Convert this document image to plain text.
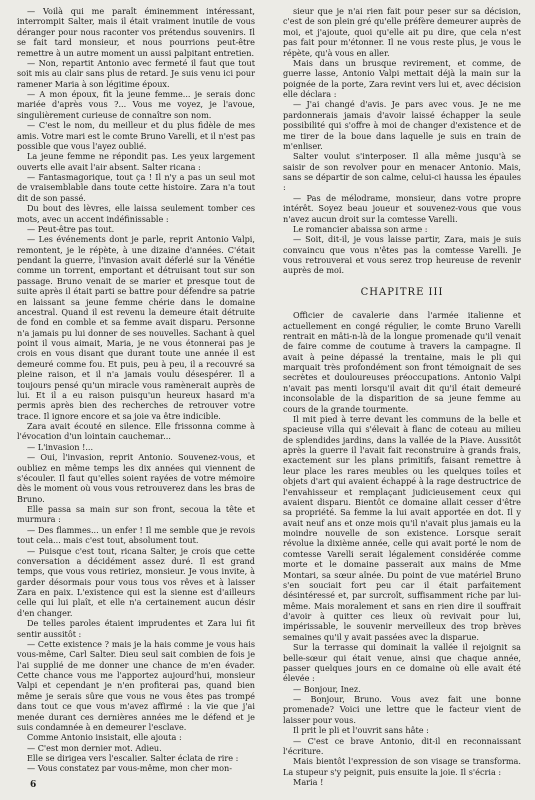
— Voilà qui me paraît éminemment intéressant, interrompit Salter, mais il était vraiment inutile de vous déranger pour nous raconter vos prétendus souvenirs. Il se fait tard monsieur, et nous pourrions peut-être remettre à un autre moment un aussi palpitant entretien.

— Non, repartit Antonio avec fermeté il faut que tout soit mis au clair sans plus de retard. Je suis venu ici pour ramener Maria à son légitime époux.

— A mon époux, fit la jeune femme... je serais donc mariée d'après vous ?... Vous me voyez, je l'avoue, singulièrement curieuse de connaître son nom.

— C'est le nom, du meilleur et du plus fidèle de mes amis. Votre mari est le comte Bruno Varelli, et il n'est pas possible que vous l'ayez oublié.

La jeune femme ne répondit pas. Les yeux largement ouverts elle avait l'air absent. Salter ricana :

— Fantasmagorique, tout ça ! Il n'y a pas un seul mot de vraisemblable dans toute cette histoire. Zara n'a tout dit de son passé.

Du bout des lèvres, elle laissa seulement tomber ces mots, avec un accent indéfinissable :

— Peut-être pas tout.

— Les événements dont je parle, reprit Antonio Valpi, remontent, je le répète, à une dizaine d'années. C'était pendant la guerre, l'invasion avait déferlé sur la Vénétie comme un torrent, emportant et détruisant tout sur son passage. Bruno venait de se marier et presque tout de suite après il était parti se battre pour défendre sa patrie en laissant sa jeune femme chérie dans le domaine ancestral. Quand il est revenu la demeure était détruite de fond en comble et sa femme avait disparu. Personne n'a jamais pu lui donner de ses nouvelles. Sachant à quel point il vous aimait, Maria, je ne vous étonnerai pas je crois en vous disant que durant toute une année il est demeuré comme fou. Et puis, peu à peu, il a recouvré sa pleine raison, et il n'a jamais voulu désespérer. Il a toujours pensé qu'un miracle vous ramènerait auprès de lui. Et il a eu raison puisqu'un heureux hasard m'a permis après bien des recherches de retrouver votre trace. Il ignore encore et sa joie va être indicible.

Zara avait écouté en silence. Elle frissonna comme à l'évocation d'un lointain cauchemar...

— L'invasion !...

— Oui, l'invasion, reprit Antonio. Souvenez-vous, et oubliez en même temps les dix années qui viennent de s'écouler. Il faut qu'elles soient rayées de votre mémoire dès le moment où vous vous retrouverez dans les bras de Bruno.

Elle passa sa main sur son front, secoua la tête et murmura :

— Des flammes... un enfer ! Il me semble que je revois tout cela... mais c'est tout, absolument tout.

— Puisque c'est tout, ricana Salter, je crois que cette conversation a décidément assez duré. Il est grand temps, que vous vous retiriez, monsieur. Je vous invite, à garder désormais pour vous tous vos rêves et à laisser Zara en paix. L'existence qui est la sienne est d'ailleurs celle qui lui plaît, et elle n'a certainement aucun désir d'en changer.

De telles paroles étaient imprudentes et Zara lui fit sentir aussitôt :

— Cette existence ? mais je la hais comme je vous hais vous-même, Carl Salter. Dieu seul sait combien de fois je l'ai supplié de me donner une chance de m'en évader. Cette chance vous me l'apportez aujourd'hui, monsieur Valpi et cependant je n'en profiterai pas, quand bien même je serais sûre que vous ne vous êtes pas trompé dans tout ce que vous m'avez affirmé : la vie que j'ai menée durant ces dernières années me le défend et je suis condamnée à en demeurer l'esclave.

Comme Antonio insistait, elle ajouta :

— C'est mon dernier mot. Adieu.

Elle se dirigea vers l'escalier. Salter éclata de rire :

— Vous constatez par vous-même, mon cher mon-

sieur que je n'ai rien fait pour peser sur sa décision, c'est de son plein gré qu'elle préfère demeurer auprès de moi, et j'ajoute, quoi qu'elle ait pu dire, que cela n'est pas fait pour m'étonner. Il ne vous reste plus, je vous le répète, qu'à vous en aller.

Mais dans un brusque revirement, et comme, de guerre lasse, Antonio Valpi mettait déjà la main sur la poignée de la porte, Zara revint vers lui et, avec décision elle déclara :

— J'ai changé d'avis. Je pars avec vous. Je ne me pardonnerais jamais d'avoir laissé échapper la seule possibilité qui s'offre à moi de changer d'existence et de me tirer de la boue dans laquelle je suis en train de m'enliser.

Salter voulut s'interposer. Il alla même jusqu'à se saisir de son revolver pour en menacer Antonio. Mais, sans se départir de son calme, celui-ci haussa les épaules :

— Pas de mélodrame, monsieur, dans votre propre intérêt. Soyez beau joueur et souvenez-vous que vous n'avez aucun droit sur la comtesse Varelli.

Le romancier abaissa son arme :

— Soit, dit-il, je vous laisse partir, Zara, mais je suis convaincu que vous n'êtes pas la comtesse Varelli. Je vous retrouverai et vous serez trop heureuse de revenir auprès de moi.

CHAPITRE III

Officier de cavalerie dans l'armée italienne et actuellement en congé régulier, le comte Bruno Varelli rentrait en mâti-n-là de la longue promenade qu'il venait de faire comme de coutume à travers la campagne. Il avait à peine dépassé la trentaine, mais le pli qui marquait très profondément son front témoignait de ses secrètes et douloureuses préoccupations. Antonio Valpi n'avait pas menti lorsqu'il avait dit qu'il était demeuré inconsolable de la disparition de sa jeune femme au cours de la grande tourmente.

Il mit pied à terre devant les communs de la belle et spacieuse villa qui s'élevait à flanc de coteau au milieu de splendides jardins, dans la vallée de la Piave. Aussitôt après la guerre il l'avait fait reconstruire à grands frais, exactement sur les plans primitifs, faisant remettre à leur place les rares meubles ou les quelques toiles et objets d'art qui avaient échappé à la rage destructrice de l'envahisseur et remplaçant judicieusement ceux qui avaient disparu. Bientôt ce domaine allait cesser d'être sa propriété. Sa femme la lui avait apportée en dot. Il y avait neuf ans et onze mois qu'il n'avait plus jamais eu la moindre nouvelle de son existence. Lorsque serait révolue la dixième année, celle qui avait porté le nom de comtesse Varelli serait légalement considérée comme morte et le domaine passerait aux mains de Mme Montari, sa sœur aînée. Du point de vue matériel Bruno s'en souciait fort peu car il était parfaitement désintéressé et, par surcroît, suffisamment riche par lui-même. Mais moralement et sans en rien dire il souffrait d'avoir à quitter ces lieux où revivait pour lui, impérissable, le souvenir merveilleux des trop brèves semaines qu'il y avait passées avec la disparue.

Sur la terrasse qui dominait la vallée il rejoignit sa belle-sœur qui était venue, ainsi que chaque année, passer quelques jours en ce domaine où elle avait été élevée :

— Bonjour, Inez.

— Bonjour, Bruno. Vous avez fait une bonne promenade? Voici une lettre que le facteur vient de laisser pour vous.

Il prit le pli et l'ouvrit sans hâte :

— C'est ce brave Antonio, dit-il en reconnaissant l'écriture.

Mais bientôt l'expression de son visage se transforma. La stupeur s'y peignit, puis ensuite la joie. Il s'écria :

Maria !

6
